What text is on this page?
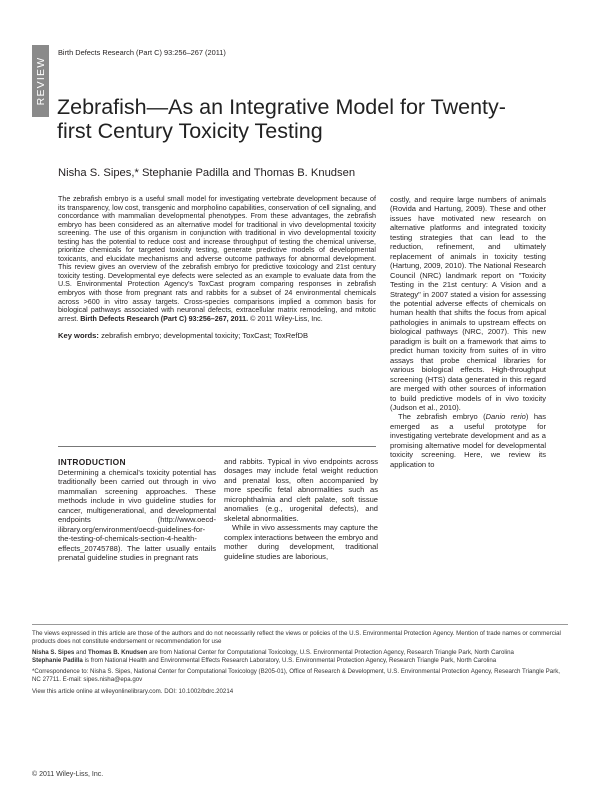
REVIEW
Birth Defects Research (Part C) 93:256–267 (2011)
Zebrafish—As an Integrative Model for Twenty-first Century Toxicity Testing
Nisha S. Sipes,* Stephanie Padilla and Thomas B. Knudsen

The zebrafish embryo is a useful small model for investigating vertebrate development because of its transparency, low cost, transgenic and morpholino capabilities, conservation of cell signaling, and concordance with mammalian developmental phenotypes. From these advantages, the zebrafish embryo has been considered as an alternative model for traditional in vivo developmental toxicity screening. The use of this organism in conjunction with traditional in vivo developmental toxicity testing has the potential to reduce cost and increase throughput of testing the chemical universe, prioritize chemicals for targeted toxicity testing, generate predictive models of developmental toxicants, and elucidate mechanisms and adverse outcome pathways for abnormal development. This review gives an overview of the zebrafish embryo for predictive toxicology and 21st century toxicity testing. Developmental eye defects were selected as an example to evaluate data from the U.S. Environmental Protection Agency's ToxCast program comparing responses in zebrafish embryos with those from pregnant rats and rabbits for a subset of 24 environmental chemicals across >600 in vitro assay targets. Cross-species comparisons implied a common basis for biological pathways associated with neuronal defects, extracellular matrix remodeling, and mitotic arrest. Birth Defects Research (Part C) 93:256–267, 2011. © 2011 Wiley-Liss, Inc.

Key words: zebrafish embryo; developmental toxicity; ToxCast; ToxRefDB

INTRODUCTION

Determining a chemical's toxicity potential has traditionally been carried out through in vivo mammalian screening approaches. These methods include in vivo guideline studies for cancer, multigenerational, and developmental endpoints (http://www.oecd-ilibrary.org/environment/oecd-guidelines-for-the-testing-of-chemicals-section-4-health-effects_20745788). The latter usually entails prenatal guideline studies in pregnant rats

and rabbits. Typical in vivo endpoints across dosages may include fetal weight reduction and prenatal loss, often accompanied by more specific fetal abnormalities such as microphthalmia and cleft palate, soft tissue anomalies (e.g., urogenital defects), and skeletal abnormalities.

While in vivo assessments may capture the complex interactions between the embryo and mother during development, traditional guideline studies are laborious,

costly, and require large numbers of animals (Rovida and Hartung, 2009). These and other issues have motivated new research on alternative platforms and integrated toxicity testing strategies that can lead to the reduction, refinement, and ultimately replacement of animals in toxicity testing (Hartung, 2009, 2010). The National Research Council (NRC) landmark report on "Toxicity Testing in the 21st century: A Vision and a Strategy" in 2007 stated a vision for assessing the potential adverse effects of chemicals on human health that shifts the focus from apical pathologies in animals to upstream effects on biological pathways (NRC, 2007). This new paradigm is built on a framework that aims to predict human toxicity from suites of in vitro assays that probe chemical libraries for various biological effects. High-throughput screening (HTS) data generated in this regard are merged with other sources of information to build predictive models of in vivo toxicity (Judson et al., 2010).

The zebrafish embryo (Danio rerio) has emerged as a useful prototype for investigating vertebrate development and as a promising alternative model for developmental toxicity screening. Here, we review its application to

The views expressed in this article are those of the authors and do not necessarily reflect the views or policies of the U.S. Environmental Protection Agency. Mention of trade names or commercial products does not constitute endorsement or recommendation for use

Nisha S. Sipes and Thomas B. Knudsen are from National Center for Computational Toxicology, U.S. Environmental Protection Agency, Research Triangle Park, North Carolina
Stephanie Padilla is from National Health and Environmental Effects Research Laboratory, U.S. Environmental Protection Agency, Research Triangle Park, North Carolina

*Correspondence to: Nisha S. Sipes, National Center for Computational Toxicology (B205-01), Office of Research & Development, U.S. Environmental Protection Agency, Research Triangle Park, NC 27711. E-mail: sipes.nisha@epa.gov

View this article online at wileyonlinelibrary.com. DOI: 10.1002/bdrc.20214

© 2011 Wiley-Liss, Inc.
